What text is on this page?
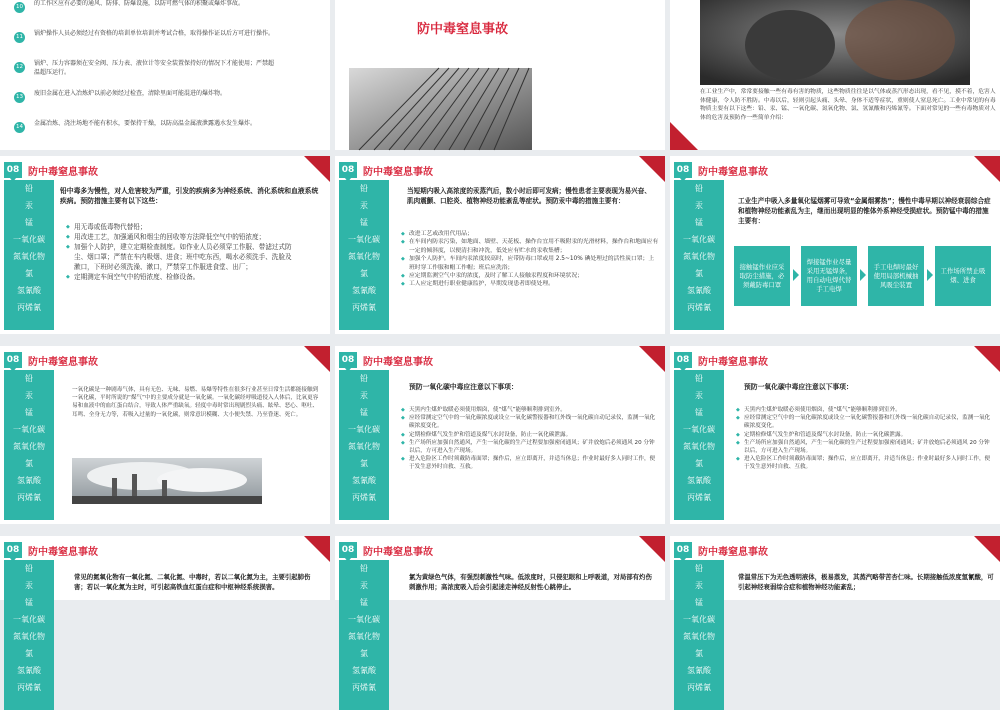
10	的工作区应有必要的通风、防排、防爆设施，以防可燃气体的积聚或爆炸事故。
11	锅炉操作人员必须经过有资格的培训单位培训并考试合格，取得操作证以后方可进行操作。
12	锅炉、压力容器须在安全阀、压力表、液位计等安全装置保持好的情况下才能使用；严禁超温超压运行。
13	废旧金属在进入冶炼炉以前必须经过检查，清除里面可能混进的爆炸物。
14	金属冶炼、浇注场地不能有积水，要保持干燥，以防高温金属液泄露遇水发生爆炸。
防中毒窒息事故
在工业生产中，常常要接触一些有毒有害的物质，这些物质往往是以气体或蒸汽形态出现，看不见，摸不着，危害人体健康，令人防不胜防。中毒以后，轻则引起头痛、头晕、身体不适等症状，重则使人窒息死亡。工业中常见的有毒物质主要有以下这些：铅、汞、锰、一氧化碳、氮氧化物、氯、氢氰酸和丙烯氰等。下面对常见的一些有毒物质对人体的危害及预防作一些简单介绍：
08 防中毒窒息事故
铅
汞
锰
一氧化碳
氮氧化物
氯
氢氰酸
丙烯氰
铅中毒多为慢性，对人危害较为严重，引发的疾病多为神经系统、消化系统和血液系统疾病。预防措施主要有以下这些：
◆ 用无毒或低毒物代替铅；
◆ 用改进工艺，加强通风和烟尘的回收等方法降低空气中的铅浓度；
◆ 加强个人防护，建立定期检查制度。如作业人员必须穿工作服、带滤过式防尘、烟口罩；严禁在车内吸烟、进食；班中吃东西，喝水必须洗手、洗脸及漱口，下班时必须洗澡、漱口，严禁穿工作服进食堂、出厂；
◆ 定期测定车间空气中的铅浓度、检修设备。
08 防中毒窒息事故
铅
汞
锰
一氧化碳
氮氧化物
氯
氢氰酸
丙烯氰
当短期内吸入高浓度的汞蒸汽后，数小时后即可发病；慢性患者主要表现为易兴奋、肌肉震颤、口腔炎、植物神经功能紊乱等症状。预防汞中毒的措施主要有：
◆ 改进工艺或改用代用品；
◆ 在车间内防汞污染，如地面、墙壁、天花板、操作台宜用不吸附汞的光滑材料，操作台和地面应有一定的倾斜度，以便清扫和冲洗，低处应有贮水的汞收集槽；
◆ 加强个人防护。车间内汞浓度较高时，应带防毒口罩或用 2.5~10% 碘处理过的活性炭口罩；上班时穿工作服和帽工作帽；班后应洗浴；
◆ 应定期监测空气中汞的浓度，及时了解工人接触汞程度和环境状况；
◆ 工人应定期进行职业健康监护，早期发现患者即使处理。
08 防中毒窒息事故
铅
汞
锰
一氧化碳
氮氧化物
氯
氢氰酸
丙烯氰
工业生产中吸入多量氧化锰烟雾可导致“金属烟雾热”；慢性中毒早期以神经衰弱综合症和植物神经功能紊乱为主，继而出现明显的锥体外系神经受损症状。预防锰中毒的措施主要有：
接触锰作业应采取防尘措施，必须戴防毒口罩
焊接锰作业尽量采用无锰焊条，用自动电焊代替手工电焊
手工电焊时最好使用局部机械抽风吸尘装置
工作场所禁止吸烟、进食
08 防中毒窒息事故
铅
汞
锰
一氧化碳
氮氧化物
氯
氢氰酸
丙烯氰
一氧化碳是一种剧毒气体，具有无色、无味、易燃、易爆等特性在很多行业甚至日常生活都能接触到一氧化碳，平时所说的“煤气”中的主要成分就是一氧化碳。一氧化碳经呼吸道侵入人体后，比氧更容易和血液中的血红蛋白结合，导致人体严重缺氧。轻度中毒时常出现剧烈头痛、眩晕、恶心、呕吐、耳鸣、全身无力等，若吸入过量的一氧化碳，则常意识模糊、大小便失禁、乃至昏迷、死亡。
08 防中毒窒息事故
铅
汞
锰
一氧化碳
氮氧化物
氯
氢氰酸
丙烯氰
预防一氧化碳中毒应注意以下事项：
◆ 天黑内生煤炉取暖必须使用烟囱，使“煤气”能够顺利排到室外。
◆ 应经常测定空气中的一氧化碳浓度或设立一氧化碳警报器和红外线一氧化碳自动记录仪，监测一氧化碳浓度变化。
◆ 定期检修煤气发生炉和管道及煤气水封设备，防止一氧化碳泄露。
◆ 生产场所应加强自然通风，产生一氧化碳的生产过程要加强密闭通风；矿井放炮后必须通风 20 分钟以后，方可进入生产现场。
◆ 进入危险区工作时须戴防毒面罩；操作后，应立即离开，并适当休息；作业时最好多人同时工作，便于发生意外时自救、互救。
08 防中毒窒息事故
铅
汞
锰
一氧化碳
氮氧化物
氯
氢氰酸
丙烯氰
预防一氧化碳中毒应注意以下事项：
◆ 天黑内生煤炉取暖必须使用烟囱，使“煤气”能够顺利排到室外。
◆ 应经常测定空气中的一氧化碳浓度或设立一氧化碳警报器和红外线一氧化碳自动记录仪，监测一氧化碳浓度变化。
◆ 定期检修煤气发生炉和管道及煤气水封设备，防止一氧化碳泄露。
◆ 生产场所应加强自然通风，产生一氧化碳的生产过程要加强密闭通风；矿井放炮后必须通风 20 分钟以后，方可进入生产现场。
◆ 进入危险区工作时须戴防毒面罩；操作后，应立即离开，并适当休息；作业时最好多人同时工作，便于发生意外时自救、互救。
08 防中毒窒息事故
铅
汞
锰
一氧化碳
氮氧化物
氯
氢氰酸
丙烯氰
常见的氮氧化物有一氧化氮、二氧化氮、中毒时，若以二氧化氮为主，主要引起肺伤害；若以一氧化氮为主时，可引起高铁血红蛋白症和中枢神经系统损害。
08 防中毒窒息事故
铅
汞
锰
一氧化碳
氮氧化物
氯
氢氰酸
丙烯氰
氯为黄绿色气体，有强烈刺激性气味。低浓度时，只侵犯眼和上呼吸道，对局部有灼伤刺激作用；高浓度吸入后会引起迷走神经反射性心跳停止。
08 防中毒窒息事故
铅
汞
锰
一氧化碳
氮氧化物
氯
氢氰酸
丙烯氰
常温常压下为无色透明液体，极易蒸发，其蒸汽略带苦杏仁味。长期接触低浓度氢氰酸，可引起神经衰弱综合症和植物神经功能紊乱；
